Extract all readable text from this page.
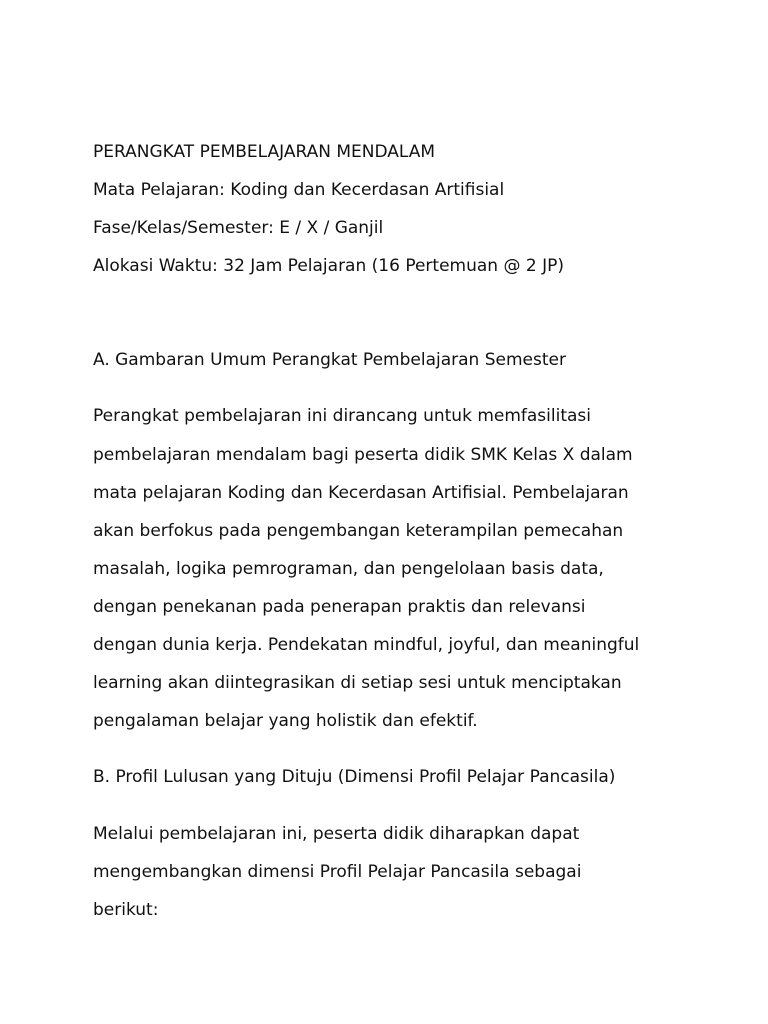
PERANGKAT PEMBELAJARAN MENDALAM
Mata Pelajaran: Koding dan Kecerdasan Artifisial
Fase/Kelas/Semester: E / X / Ganjil
Alokasi Waktu: 32 Jam Pelajaran (16 Pertemuan @ 2 JP)
A. Gambaran Umum Perangkat Pembelajaran Semester
Perangkat pembelajaran ini dirancang untuk memfasilitasi
pembelajaran mendalam bagi peserta didik SMK Kelas X dalam
mata pelajaran Koding dan Kecerdasan Artifisial. Pembelajaran
akan berfokus pada pengembangan keterampilan pemecahan
masalah, logika pemrograman, dan pengelolaan basis data,
dengan penekanan pada penerapan praktis dan relevansi
dengan dunia kerja. Pendekatan mindful, joyful, dan meaningful
learning akan diintegrasikan di setiap sesi untuk menciptakan
pengalaman belajar yang holistik dan efektif.
B. Profil Lulusan yang Dituju (Dimensi Profil Pelajar Pancasila)
Melalui pembelajaran ini, peserta didik diharapkan dapat
mengembangkan dimensi Profil Pelajar Pancasila sebagai
berikut:
